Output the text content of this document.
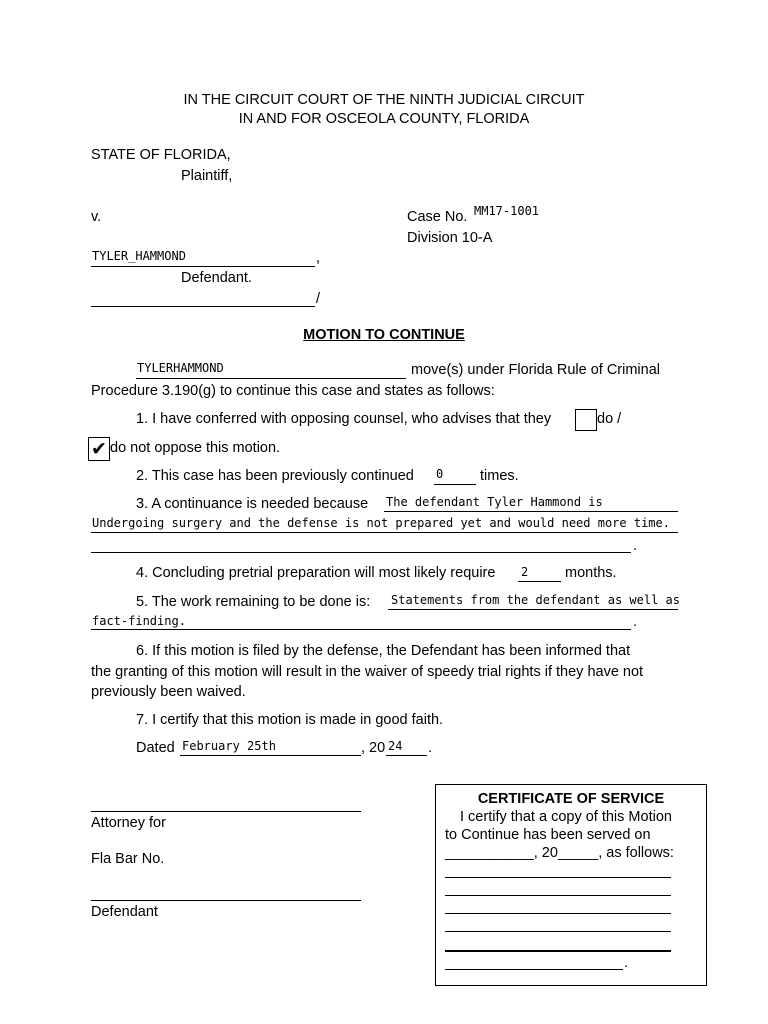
IN THE CIRCUIT COURT OF THE NINTH JUDICIAL CIRCUIT
IN AND FOR OSCEOLA COUNTY, FLORIDA
STATE OF FLORIDA,
Plaintiff,
v.	Case No. MM17-1001
Division 10-A
TYLER_HAMMOND	,
Defendant.
/
MOTION TO CONTINUE
TYLERHAMMOND	move(s) under Florida Rule of Criminal
Procedure 3.190(g) to continue this case and states as follows:
1. I have conferred with opposing counsel, who advises that they	do /
✔ do not oppose this motion.
2. This case has been previously continued 0	times.
3. A continuance is needed because The defendant Tyler Hammond is
Undergoing surgery and the defense is not prepared yet and would need more time.
.
4. Concluding pretrial preparation will most likely require 2	months.
5. The work remaining to be done is: Statements from the defendant as well as
fact-finding.	.
6. If this motion is filed by the defense, the Defendant has been informed that
the granting of this motion will result in the waiver of speedy trial rights if they have not
previously been waived.
7. I certify that this motion is made in good faith.
Dated February 25th	, 20 24 .
Attorney for
Fla Bar No.
Defendant
CERTIFICATE OF SERVICE
I certify that a copy of this Motion
to Continue has been served on
___________, 20_____, as follows:
.
